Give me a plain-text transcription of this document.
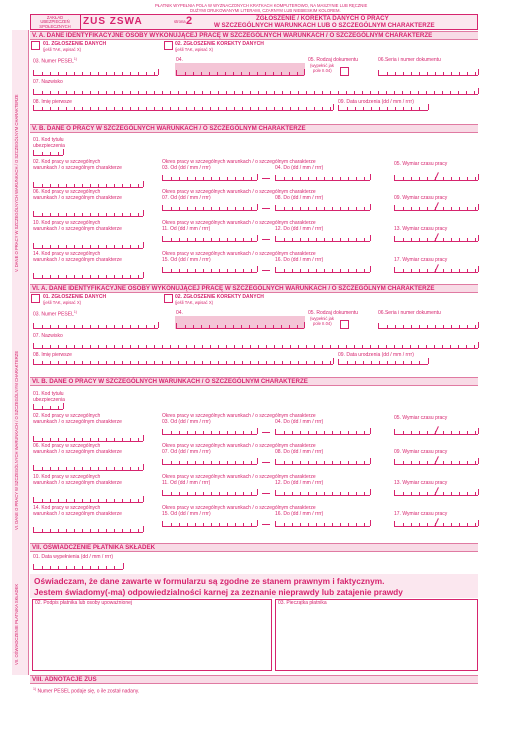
PŁATNIK WYPEŁNIA POLA W WYZNACZONYCH KRATKACH KOMPUTEROWO, NA MASZYNIE LUB RĘCZNIE
DUŻYMI DRUKOWANYMI LITERAMI, CZARNYM LUB NIEBIESKIM KOLOREM.
ZAKŁAD UBEZPIECZEŃ SPOŁECZNYCH	ZUS ZSWA	strona 2	ZGŁOSZENIE / KOREKTA DANYCH O PRACY
W SZCZEGÓLNYCH WARUNKACH LUB O SZCZEGÓLNYM CHARAKTERZE
V. DANE O PRACY W SZCZEGÓLNYCH WARUNKACH / O SZCZEGÓLNYM CHARAKTERZE
V. A. DANE IDENTYFIKACYJNE OSOBY WYKONUJĄCEJ PRACĘ W SZCZEGÓLNYCH WARUNKACH / O SZCZEGÓLNYM CHARAKTERZE
01. ZGŁOSZENIE DANYCH
(jeśli TAK, wpisać X)
02. ZGŁOSZENIE KOREKTY DANYCH
(jeśli TAK, wpisać X)
03. Numer PESEL$^{1)}$	04.	05. Rodzaj dokumentu
(wypełnić jak
pole II.04)
06.Seria i numer dokumentu
07. Nazwisko
08. Imię pierwsze	09. Data urodzenia (dd / mm / rrrr)
V. B. DANE O PRACY W SZCZEGÓLNYCH WARUNKACH / O SZCZEGÓLNYM CHARAKTERZE
01. Kod tytułu
ubezpieczenia
02. Kod pracy w szczególnych
warunkach / o szczególnym charakterze
Okres pracy w szczególnych warunkach / o szczególnym charakterze
03. Od (dd / mm / rrrr)	04. Do (dd / mm / rrrr)
05. Wymiar czasu pracy
06. Kod pracy w szczególnych
warunkach / o szczególnym charakterze
Okres pracy w szczególnych warunkach / o szczególnym charakterze
07. Od (dd / mm / rrrr)	08. Do (dd / mm / rrrr)	09. Wymiar czasu pracy
10. Kod pracy w szczególnych
warunkach / o szczególnym charakterze
Okres pracy w szczególnych warunkach / o szczególnym charakterze
11. Od (dd / mm / rrrr)	12. Do (dd / mm / rrrr)	13. Wymiar czasu pracy
14. Kod pracy w szczególnych
warunkach / o szczególnym charakterze
Okres pracy w szczególnych warunkach / o szczególnym charakterze
15. Od (dd / mm / rrrr)	16. Do (dd / mm / rrrr)	17. Wymiar czasu pracy
VI. DANE O PRACY W SZCZEGÓLNYCH WARUNKACH / O SZCZEGÓLNYM CHARAKTERZE
VI. A. DANE IDENTYFIKACYJNE OSOBY WYKONUJĄCEJ PRACĘ W SZCZEGÓLNYCH WARUNKACH / O SZCZEGÓLNYM CHARAKTERZE
01. ZGŁOSZENIE DANYCH
(jeśli TAK, wpisać X)
02. ZGŁOSZENIE KOREKTY DANYCH
(jeśli TAK, wpisać X)
03. Numer PESEL$^{1)}$	04.	05. Rodzaj dokumentu
(wypełnić jak
pole II.04)
06.Seria i numer dokumentu
07. Nazwisko
08. Imię pierwsze	09. Data urodzenia (dd / mm / rrrr)
VI. B. DANE O PRACY W SZCZEGÓLNYCH WARUNKACH / O SZCZEGÓLNYM CHARAKTERZE
01. Kod tytułu
ubezpieczenia
02. Kod pracy w szczególnych
warunkach / o szczególnym charakterze
Okres pracy w szczególnych warunkach / o szczególnym charakterze
03. Od (dd / mm / rrrr)	04. Do (dd / mm / rrrr)
05. Wymiar czasu pracy
06. Kod pracy w szczególnych
warunkach / o szczególnym charakterze
Okres pracy w szczególnych warunkach / o szczególnym charakterze
07. Od (dd / mm / rrrr)	08. Do (dd / mm / rrrr)	09. Wymiar czasu pracy
10. Kod pracy w szczególnych
warunkach / o szczególnym charakterze
Okres pracy w szczególnych warunkach / o szczególnym charakterze
11. Od (dd / mm / rrrr)	12. Do (dd / mm / rrrr)	13. Wymiar czasu pracy
14. Kod pracy w szczególnych
warunkach / o szczególnym charakterze
Okres pracy w szczególnych warunkach / o szczególnym charakterze
15. Od (dd / mm / rrrr)	16. Do (dd / mm / rrrr)	17. Wymiar czasu pracy
VII. OŚWIADCZENIE PŁATNIKA SKŁADEK
VII. OŚWIADCZENIE PŁATNIKA SKŁADEK
01. Data wypełnienia (dd / mm / rrrr)
Oświadczam, że dane zawarte w formularzu są zgodne ze stanem prawnym i faktycznym.
Jestem świadomy(-ma) odpowiedzialności karnej za zeznanie nieprawdy lub zatajenie prawdy
02. Podpis płatnika lub osoby upoważnionej	03. Pieczątka płatnika
VIII. ADNOTACJE ZUS
$^{1)}$ Numer PESEL podaje się, o ile został nadany.
